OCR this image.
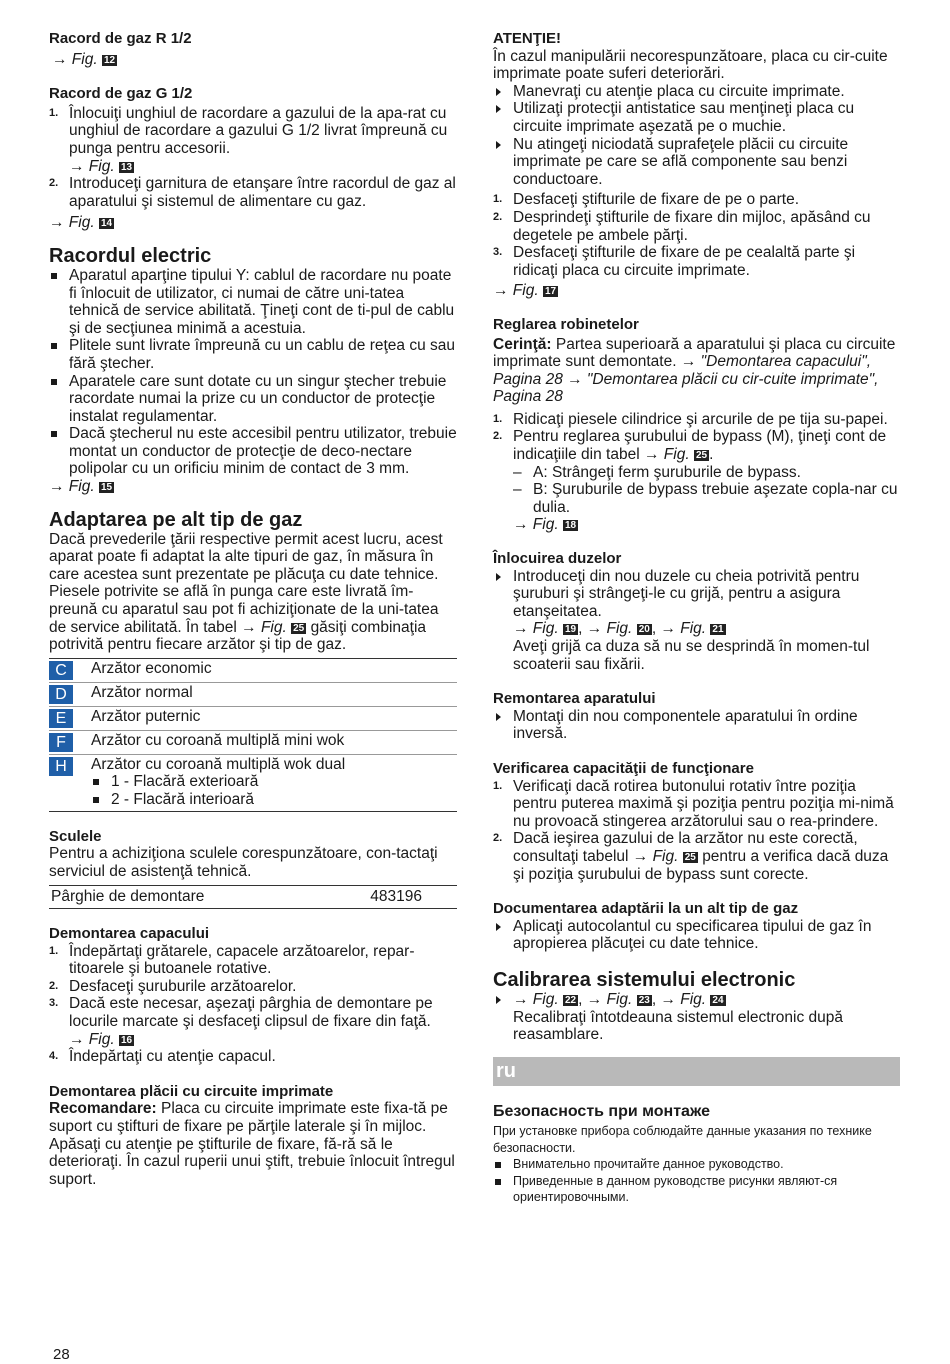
Racord de gaz R 1/2

→ Fig. 12

Racord de gaz G 1/2

1. Înlocuiţi unghiul de racordare a gazului de la apa-rat cu unghiul de racordare a gazului G 1/2 livrat împreună cu punga pentru accesorii.
→ Fig. 13
2. Introduceţi garnitura de etanşare între racordul de gaz al aparatului şi sistemul de alimentare cu gaz.

→ Fig. 14

Racordul electric

Aparatul aparţine tipului Y: cablul de racordare nu poate fi înlocuit de utilizator, ci numai de către uni-tatea tehnică de service abilitată. Ţineţi cont de ti-pul de cablu şi de secţiunea minimă a acestuia.
Plitele sunt livrate împreună cu un cablu de reţea cu sau fără ştecher.
Aparatele care sunt dotate cu un singur ştecher trebuie racordate numai la prize cu un conductor de protecţie instalat regulamentar.
Dacă ştecherul nu este accesibil pentru utilizator, trebuie montat un conductor de protecţie de deco-nectare polipolar cu un orificiu minim de contact de 3 mm.

→ Fig. 15

Adaptarea pe alt tip de gaz

Dacă prevederile ţării respective permit acest lucru, acest aparat poate fi adaptat la alte tipuri de gaz, în măsura în care acestea sunt prezentate pe plăcuţa cu date tehnice.

Piesele potrivite se află în punga care este livrată îm-preună cu aparatul sau pot fi achiziţionate de la uni-tatea de service abilitată. În tabel → Fig. 25 găsiţi combinaţia potrivită pentru fiecare arzător şi tip de gaz.

C	Arzător economic
D	Arzător normal
E	Arzător puternic
F	Arzător cu coroană multiplă mini wok
H	Arzător cu coroană multiplă wok dual
1 - Flacără exterioară
2 - Flacără interioară

Sculele

Pentru a achiziţiona sculele corespunzătoare, con-tactaţi serviciul de asistenţă tehnică.

Pârghie de demontare	483196

Demontarea capacului

1. Îndepărtaţi grătarele, capacele arzătoarelor, repar-titoarele şi butoanele rotative.
2. Desfaceţi şuruburile arzătoarelor.
3. Dacă este necesar, aşezaţi pârghia de demontare pe locurile marcate şi desfaceţi clipsul de fixare din faţă.
→ Fig. 16
4. Îndepărtaţi cu atenţie capacul.

Demontarea plăcii cu circuite imprimate

Recomandare: Placa cu circuite imprimate este fixa-tă pe suport cu ştifturi de fixare pe părţile laterale şi în mijloc. Apăsaţi cu atenţie pe ştifturile de fixare, fă-ră să le deterioraţi. În cazul ruperii unui ştift, trebuie înlocuit întregul suport.

ATENŢIE!

În cazul manipulării necorespunzătoare, placa cu cir-cuite imprimate poate suferi deteriorări.

Manevraţi cu atenţie placa cu circuite imprimate.
Utilizaţi protecţii antistatice sau menţineţi placa cu circuite imprimate aşezată pe o muchie.
Nu atingeţi niciodată suprafeţele plăcii cu circuite imprimate pe care se află componente sau benzi conductoare.
1. Desfaceţi ştifturile de fixare de pe o parte.
2. Desprindeţi ştifturile de fixare din mijloc, apăsând cu degetele pe ambele părţi.
3. Desfaceţi ştifturile de fixare de pe cealaltă parte şi ridicaţi placa cu circuite imprimate.

→ Fig. 17

Reglarea robinetelor

Cerinţă: Partea superioară a aparatului şi placa cu circuite imprimate sunt demontate. → "Demontarea capacului", Pagina 28 → "Demontarea plăcii cu cir-cuite imprimate", Pagina 28

1. Ridicaţi piesele cilindrice şi arcurile de pe tija su-papei.
2. Pentru reglarea şurubului de bypass (M), ţineţi cont de indicaţiile din tabel → Fig. 25 .
– A: Strângeţi ferm şuruburile de bypass.
– B: Şuruburile de bypass trebuie aşezate copla-nar cu dulia.
→ Fig. 18

Înlocuirea duzelor

Introduceţi din nou duzele cu cheia potrivită pentru şuruburi şi strângeţi-le cu grijă, pentru a asigura etanşeitatea.
→ Fig. 19 , → Fig. 20 , → Fig. 21
Aveţi grijă ca duza să nu se desprindă în momen-tul scoaterii sau fixării.

Remontarea aparatului

Montaţi din nou componentele aparatului în ordine inversă.

Verificarea capacităţii de funcţionare

1. Verificaţi dacă rotirea butonului rotativ între poziţia pentru puterea maximă şi poziţia pentru poziţia mi-nimă nu provoacă stingerea arzătorului sau o rea-prindere.
2. Dacă ieşirea gazului de la arzător nu este corectă, consultaţi tabelul → Fig. 25 pentru a verifica dacă duza şi poziţia şurubului de bypass sunt corecte.

Documentarea adaptării la un alt tip de gaz

Aplicaţi autocolantul cu specificarea tipului de gaz în apropierea plăcuţei cu date tehnice.

Calibrarea sistemului electronic

→ Fig. 22 , → Fig. 23 , → Fig. 24
Recalibraţi întotdeauna sistemul electronic după reasamblare.
ru

Безопасность при монтаже

При установке прибора соблюдайте данные указания по технике безопасности.

Внимательно прочитайте данное руководство.
Приведенные в данном руководстве рисунки являют-ся ориентировочными.
28
